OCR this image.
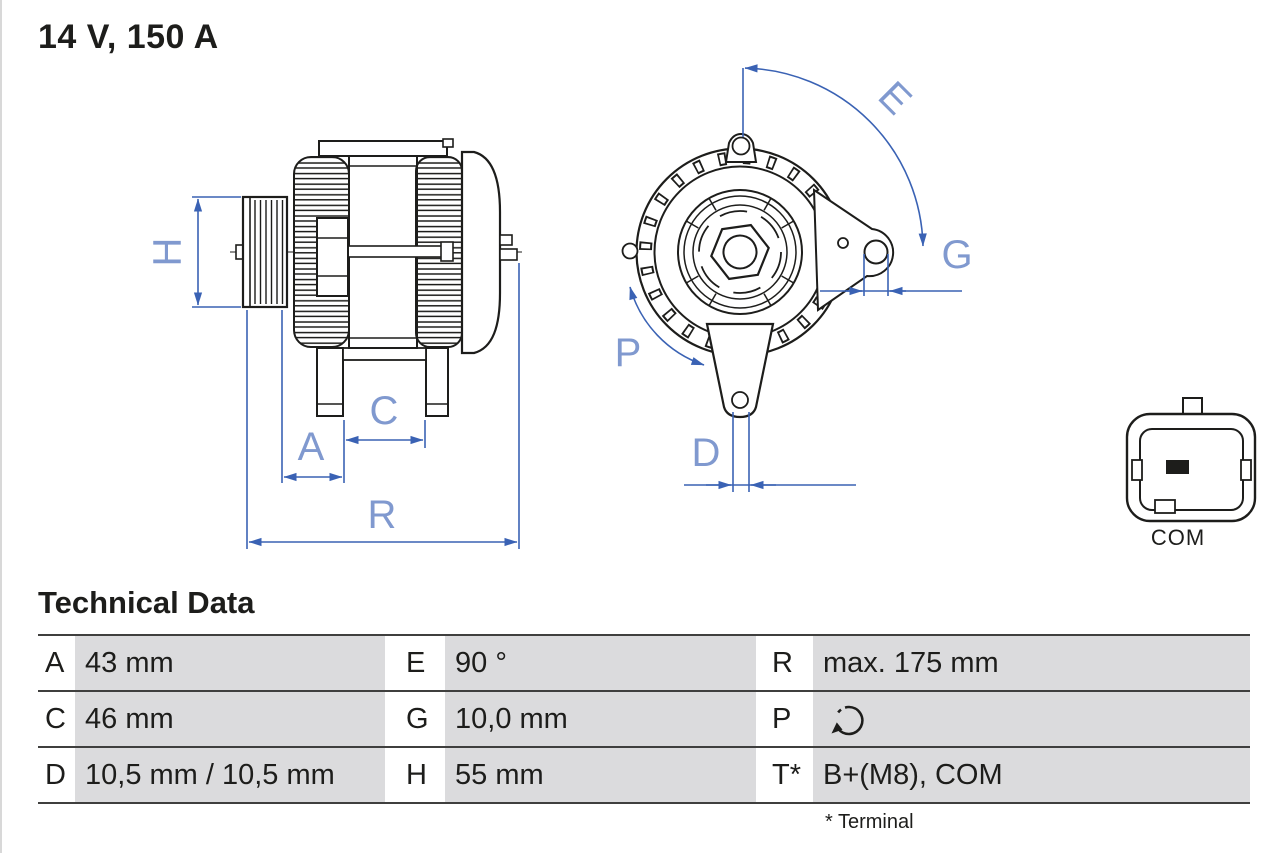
14 V, 150 A
H
A
C
R
E
G
D
P
COM
Technical Data
A 43 mm	E	90 °	R	max. 175 mm
C 46 mm	G 10,0 mm	P
D 10,5 mm / 10,5 mm	H 55 mm	T* B+(M8), COM
* Terminal
